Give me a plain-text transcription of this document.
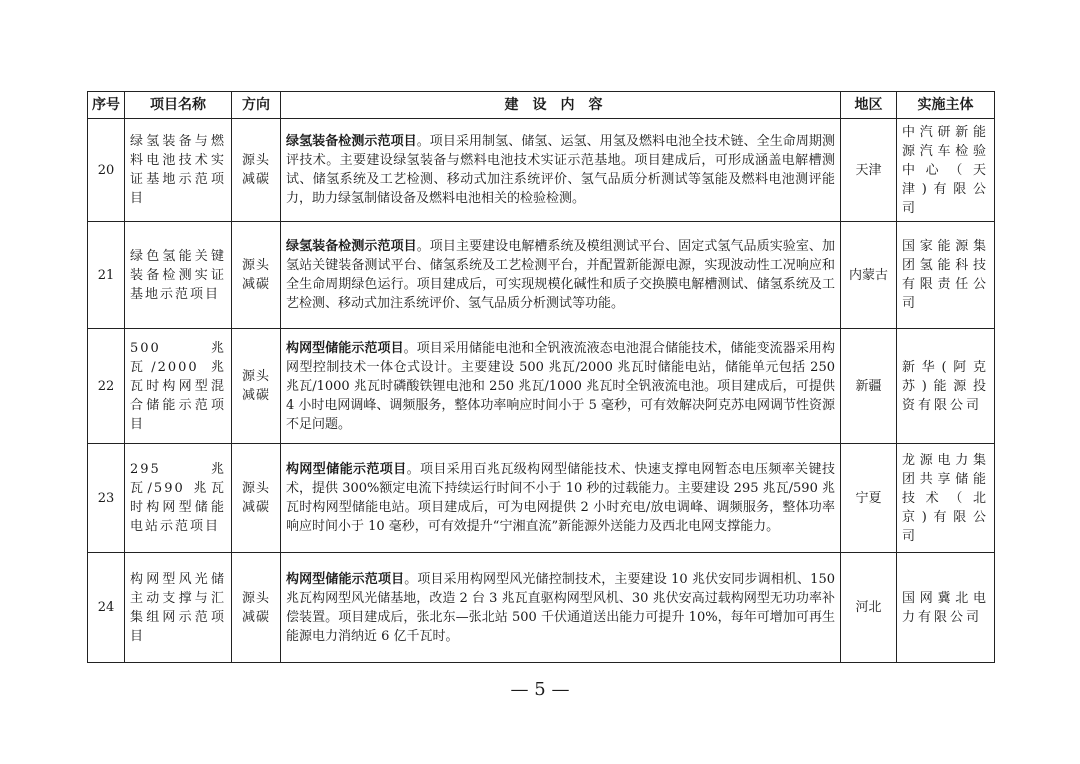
序号	项目名称	方向	建设内容	地区	实施主体
20	绿氢装备与燃料电池技术实证基地示范项目	源头减碳	绿氢装备检测示范项目。项目采用制氢、储氢、运氢、用氢及燃料电池全技术链、全生命周期测评技术。主要建设绿氢装备与燃料电池技术实证示范基地。项目建成后，可形成涵盖电解槽测试、储氢系统及工艺检测、移动式加注系统评价、氢气品质分析测试等氢能及燃料电池测评能力，助力绿氢制储设备及燃料电池相关的检验检测。	天津	中汽研新能源汽车检验中心（天津)有限公司
21	绿色氢能关键装备检测实证基地示范项目	源头减碳	绿氢装备检测示范项目。项目主要建设电解槽系统及模组测试平台、固定式氢气品质实验室、加氢站关键装备测试平台、储氢系统及工艺检测平台，并配置新能源电源，实现波动性工况响应和全生命周期绿色运行。项目建成后，可实现规模化碱性和质子交换膜电解槽测试、储氢系统及工艺检测、移动式加注系统评价、氢气品质分析测试等功能。	内蒙古	国家能源集团氢能科技有限责任公司
22	500 兆瓦/2000 兆瓦时构网型混合储能示范项目	源头减碳	构网型储能示范项目。项目采用储能电池和全钒液流液态电池混合储能技术，储能变流器采用构网型控制技术一体仓式设计。主要建设 500 兆瓦/2000 兆瓦时储能电站，储能单元包括 250 兆瓦/1000 兆瓦时磷酸铁锂电池和 250 兆瓦/1000 兆瓦时全钒液流电池。项目建成后，可提供 4 小时电网调峰、调频服务，整体功率响应时间小于 5 毫秒，可有效解决阿克苏电网调节性资源不足问题。	新疆	新华(阿克苏)能源投资有限公司
23	295 兆瓦/590 兆瓦时构网型储能电站示范项目	源头减碳	构网型储能示范项目。项目采用百兆瓦级构网型储能技术、快速支撑电网暂态电压频率关键技术，提供 300%额定电流下持续运行时间不小于 10 秒的过载能力。主要建设 295 兆瓦/590 兆瓦时构网型储能电站。项目建成后，可为电网提供 2 小时充电/放电调峰、调频服务，整体功率响应时间小于 10 毫秒，可有效提升“宁湘直流”新能源外送能力及西北电网支撑能力。	宁夏	龙源电力集团共享储能技术（北京)有限公司
24	构网型风光储主动支撑与汇集组网示范项目	源头减碳	构网型储能示范项目。项目采用构网型风光储控制技术，主要建设 10 兆伏安同步调相机、150 兆瓦构网型风光储基地，改造 2 台 3 兆瓦直驱构网型风机、30 兆伏安高过载构网型无功功率补偿装置。项目建成后，张北东—张北站 500 千伏通道送出能力可提升 10%，每年可增加可再生能源电力消纳近 6 亿千瓦时。	河北	国网冀北电力有限公司
— 5 —
